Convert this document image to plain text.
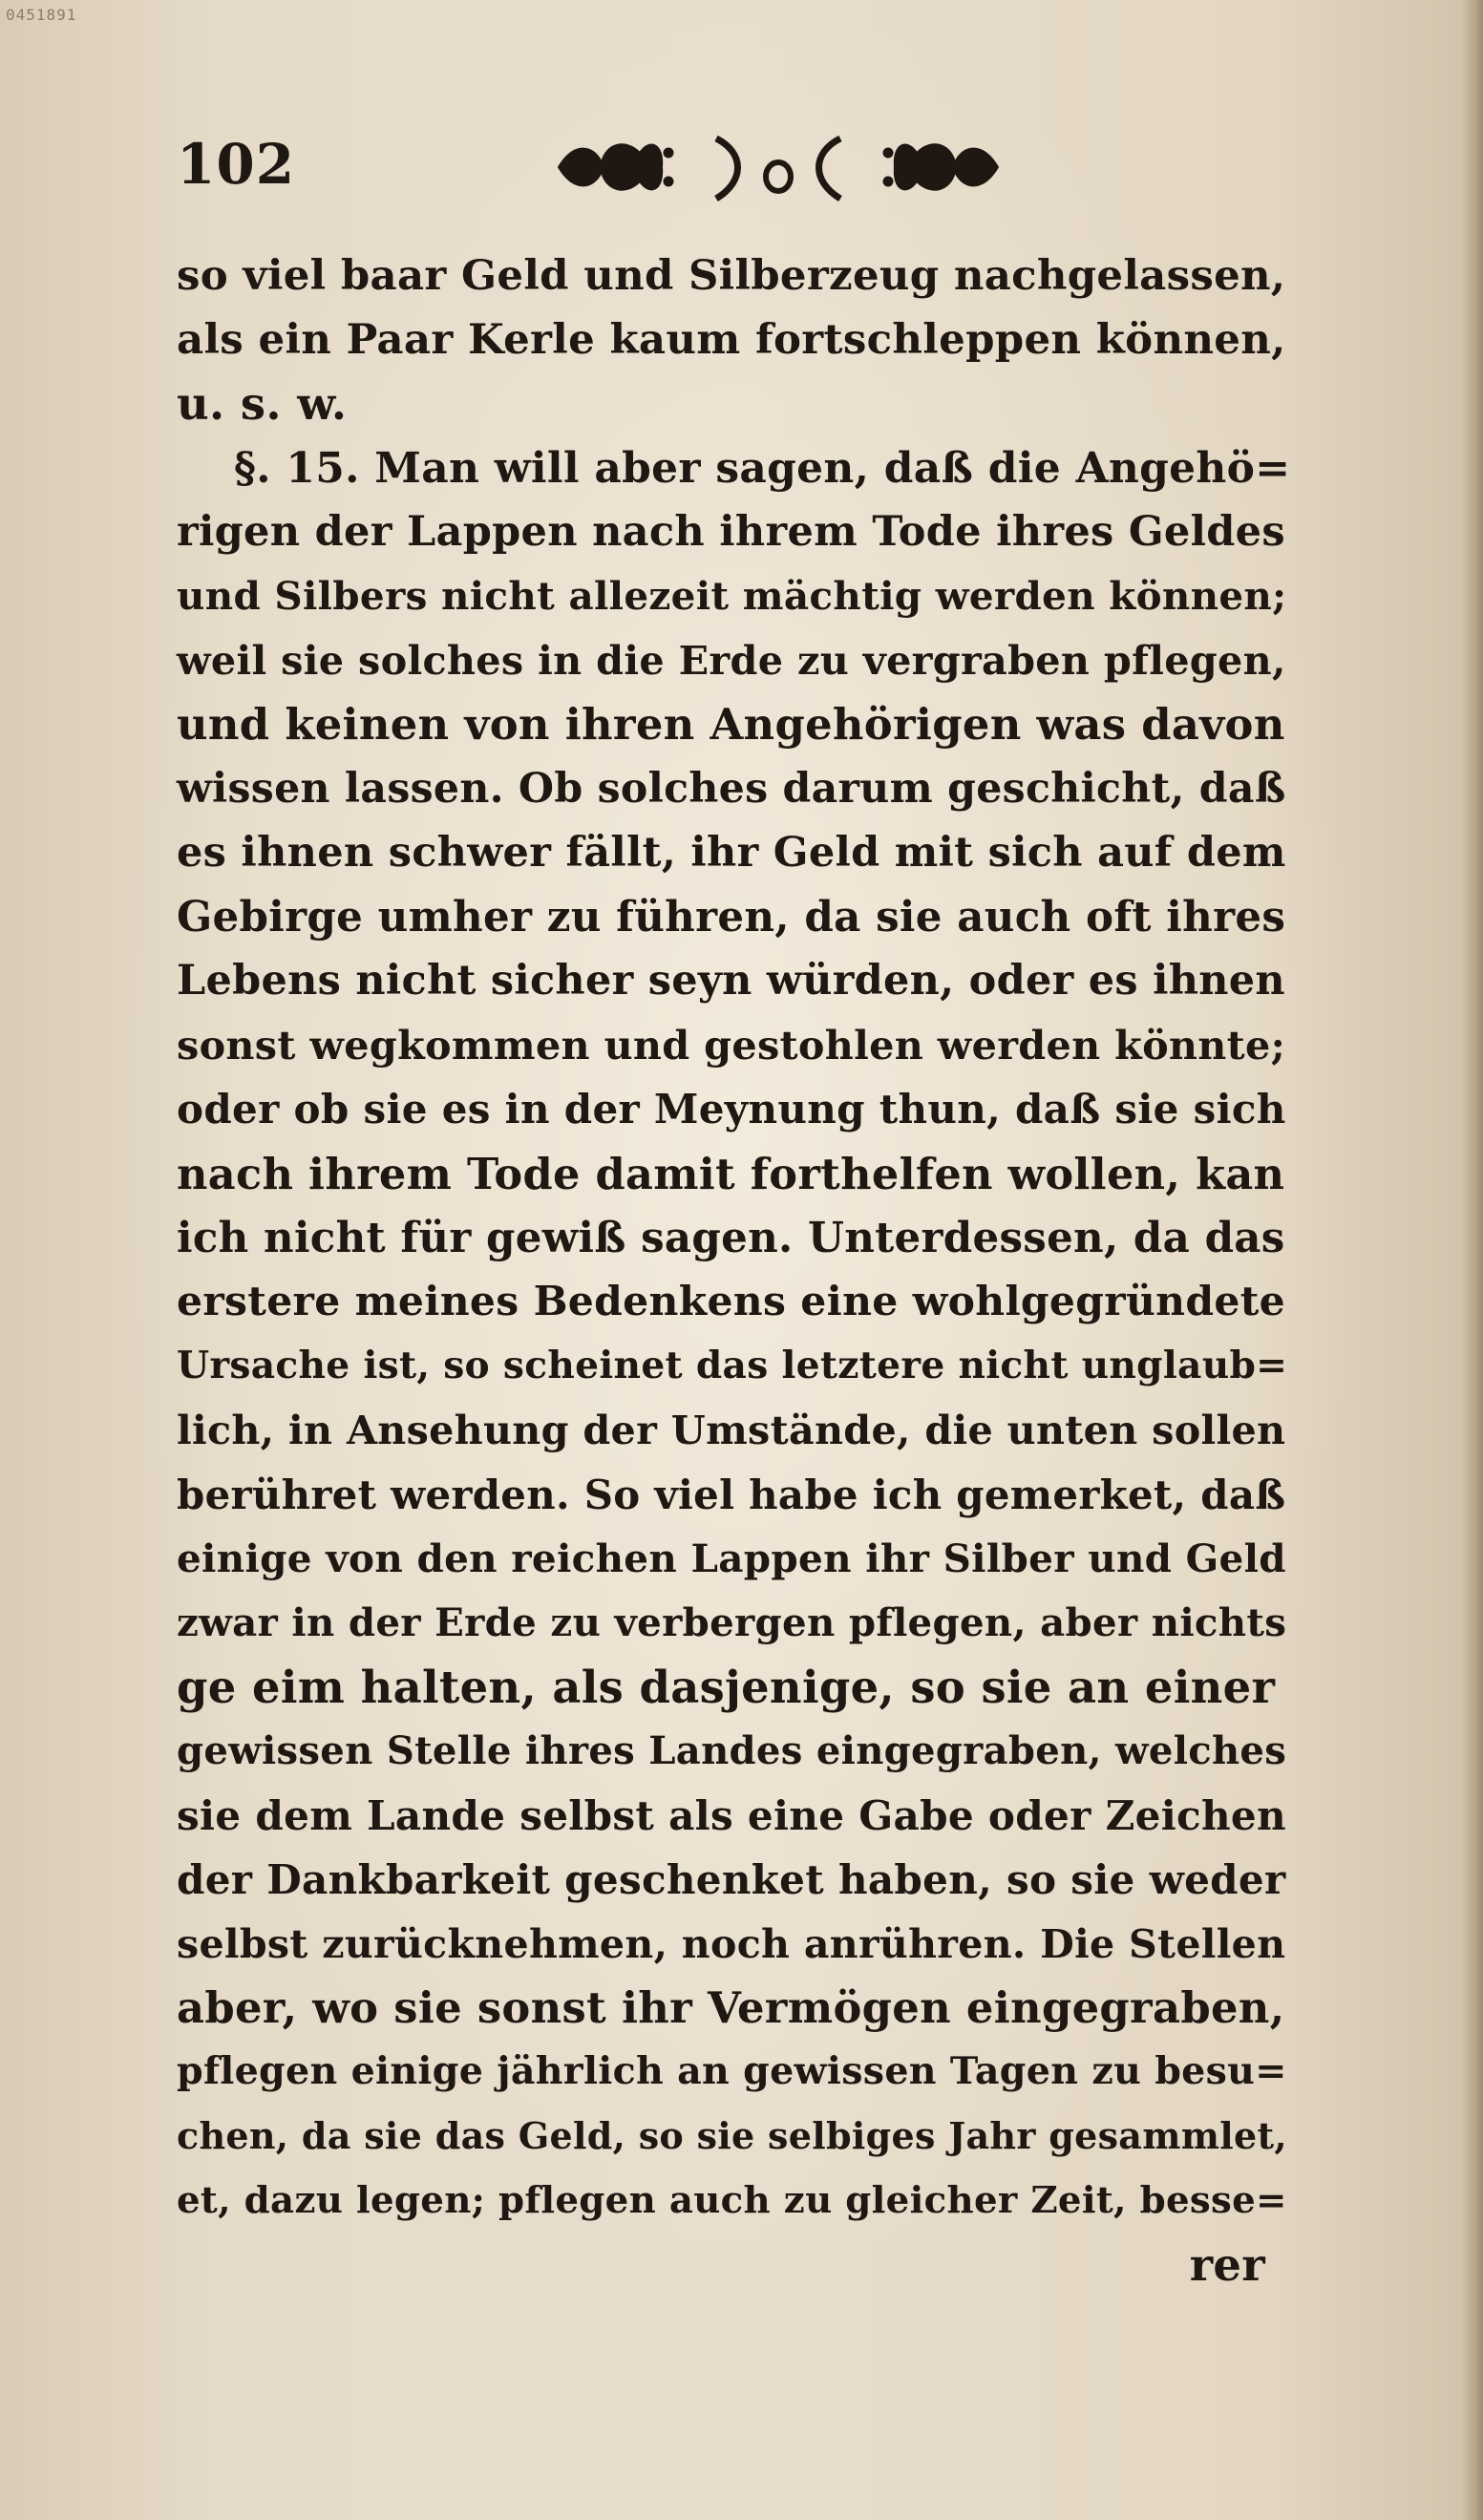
0451891
102
so viel baar Geld und Silberzeug nachgelassen,
als ein Paar Kerle kaum fortschleppen können,
u. s. w.
§. 15. Man will aber sagen, daß die Angehö=
rigen der Lappen nach ihrem Tode ihres Geldes
und Silbers nicht allezeit mächtig werden können;
weil sie solches in die Erde zu vergraben pflegen,
und keinen von ihren Angehörigen was davon
wissen lassen. Ob solches darum geschicht, daß
es ihnen schwer fällt, ihr Geld mit sich auf dem
Gebirge umher zu führen, da sie auch oft ihres
Lebens nicht sicher seyn würden, oder es ihnen
sonst wegkommen und gestohlen werden könnte;
oder ob sie es in der Meynung thun, daß sie sich
nach ihrem Tode damit forthelfen wollen, kan
ich nicht für gewiß sagen. Unterdessen, da das
erstere meines Bedenkens eine wohlgegründete
Ursache ist, so scheinet das letztere nicht unglaub=
lich, in Ansehung der Umstände, die unten sollen
berühret werden. So viel habe ich gemerket, daß
einige von den reichen Lappen ihr Silber und Geld
zwar in der Erde zu verbergen pflegen, aber nichts
ge eim halten, als dasjenige, so sie an einer
gewissen Stelle ihres Landes eingegraben, welches
sie dem Lande selbst als eine Gabe oder Zeichen
der Dankbarkeit geschenket haben, so sie weder
selbst zurücknehmen, noch anrühren. Die Stellen
aber, wo sie sonst ihr Vermögen eingegraben,
pflegen einige jährlich an gewissen Tagen zu besu=
chen, da sie das Geld, so sie selbiges Jahr gesammlet,
et, dazu legen; pflegen auch zu gleicher Zeit, besse=
rer
